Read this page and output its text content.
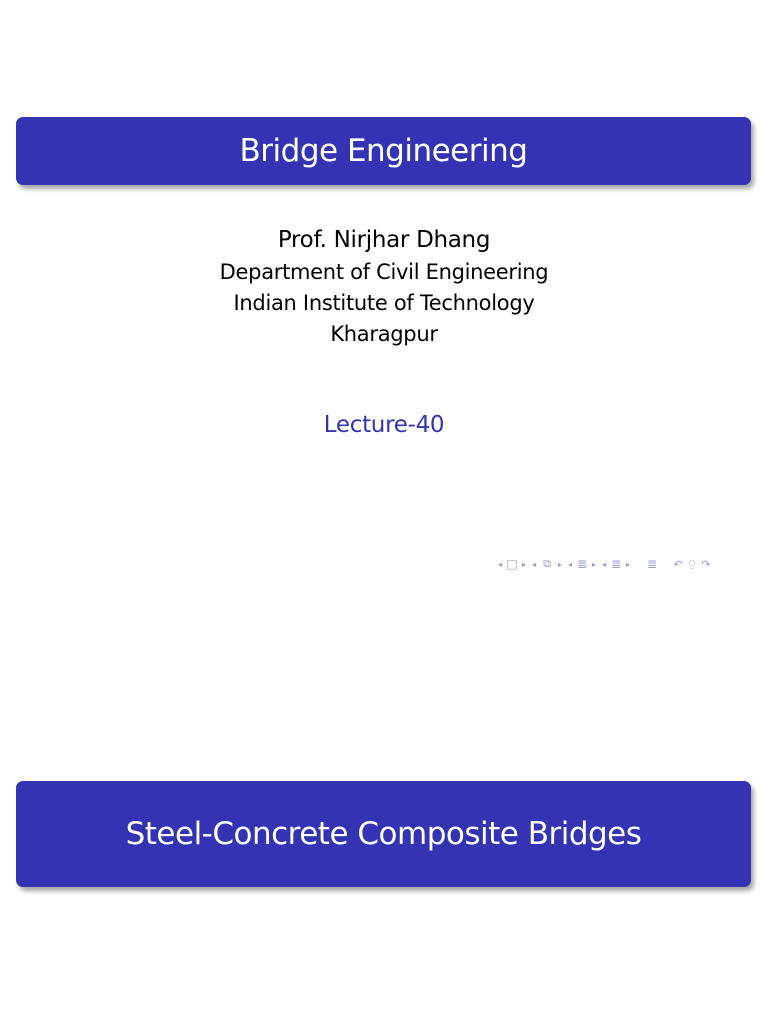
Bridge Engineering
Prof. Nirjhar Dhang
Department of Civil Engineering
Indian Institute of Technology
Kharagpur
Lecture-40
◂ □ ▸ ◂ ⧉ ▸ ◂ ≣ ▸ ◂ ≣ ▸ ≣ ↶ ⍜ ↷
Steel-Concrete Composite Bridges
